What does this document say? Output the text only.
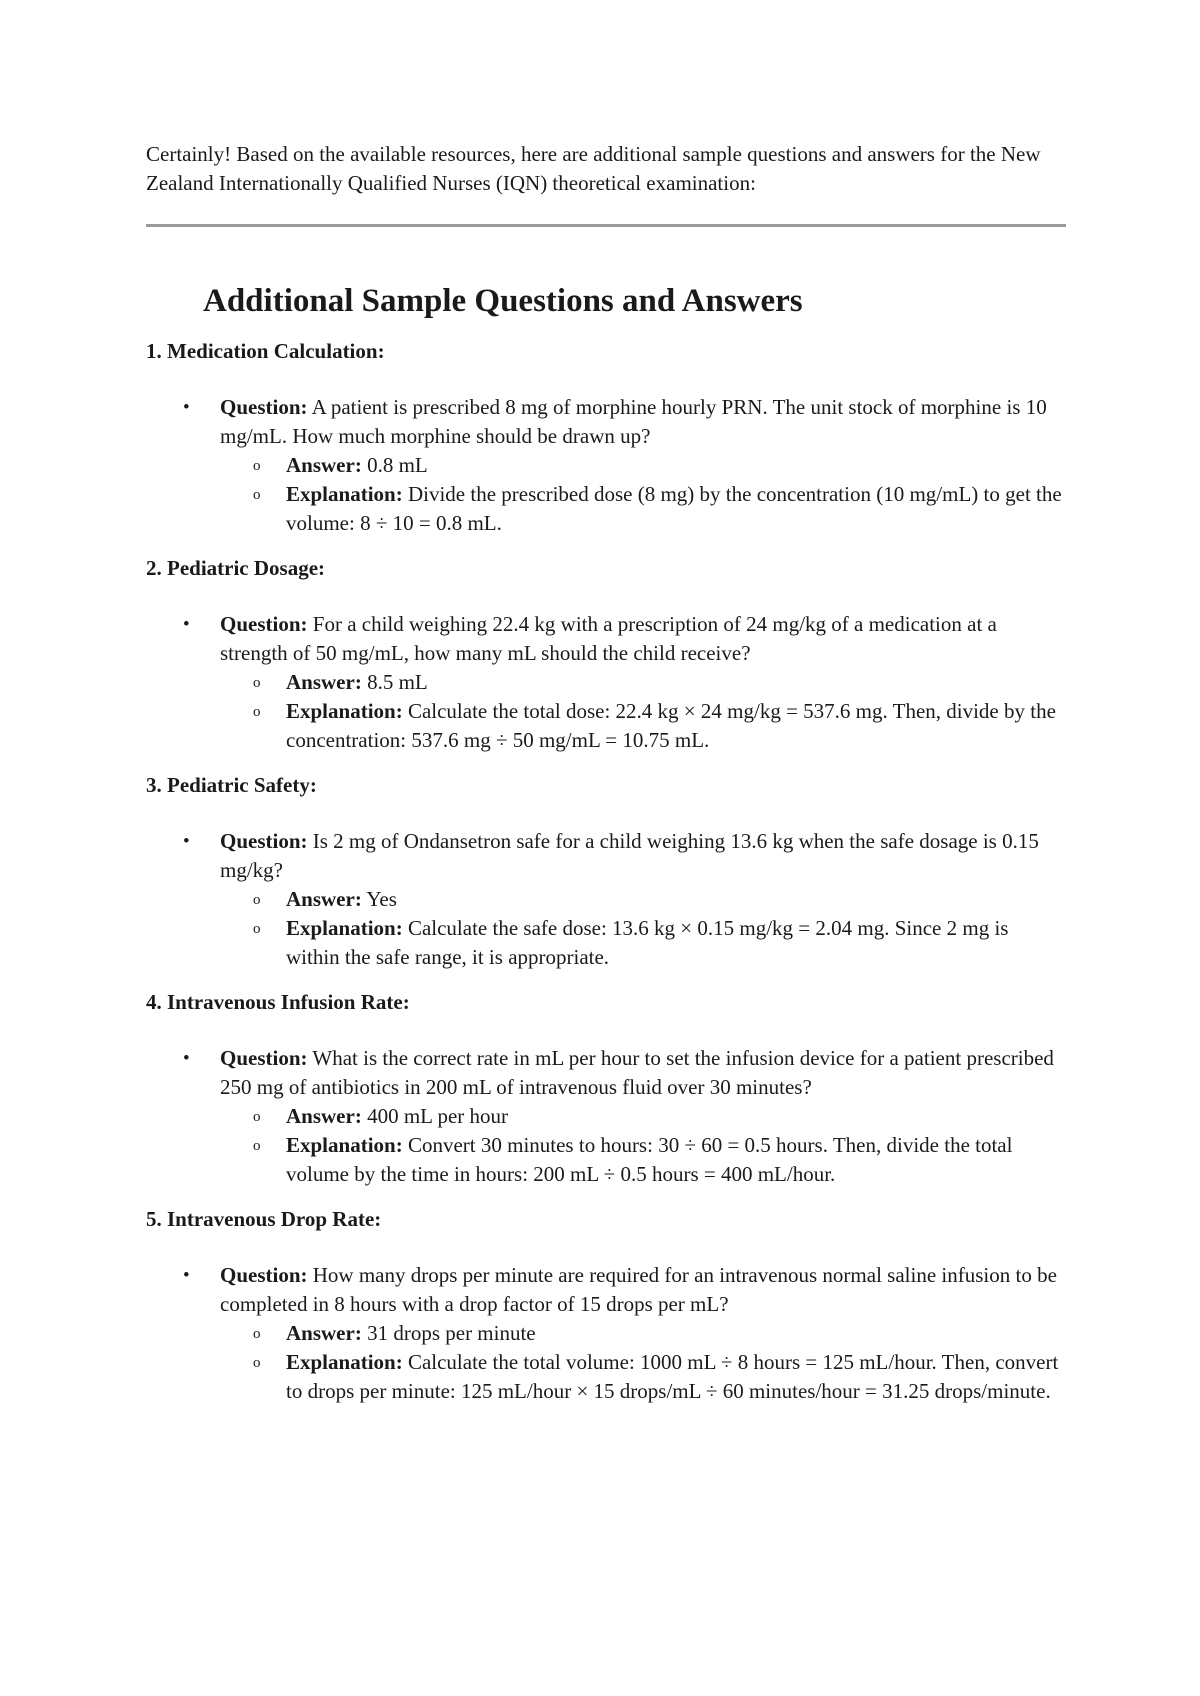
Certainly! Based on the available resources, here are additional sample questions and answers for the New Zealand Internationally Qualified Nurses (IQN) theoretical examination:

Additional Sample Questions and Answers

1. Medication Calculation:

• Question: A patient is prescribed 8 mg of morphine hourly PRN. The unit stock of morphine is 10 mg/mL. How much morphine should be drawn up?
o Answer: 0.8 mL
o Explanation: Divide the prescribed dose (8 mg) by the concentration (10 mg/mL) to get the volume: 8 ÷ 10 = 0.8 mL.

2. Pediatric Dosage:

• Question: For a child weighing 22.4 kg with a prescription of 24 mg/kg of a medication at a strength of 50 mg/mL, how many mL should the child receive?
o Answer: 8.5 mL
o Explanation: Calculate the total dose: 22.4 kg × 24 mg/kg = 537.6 mg. Then, divide by the concentration: 537.6 mg ÷ 50 mg/mL = 10.75 mL.

3. Pediatric Safety:

• Question: Is 2 mg of Ondansetron safe for a child weighing 13.6 kg when the safe dosage is 0.15 mg/kg?
o Answer: Yes
o Explanation: Calculate the safe dose: 13.6 kg × 0.15 mg/kg = 2.04 mg. Since 2 mg is within the safe range, it is appropriate.

4. Intravenous Infusion Rate:

• Question: What is the correct rate in mL per hour to set the infusion device for a patient prescribed 250 mg of antibiotics in 200 mL of intravenous fluid over 30 minutes?
o Answer: 400 mL per hour
o Explanation: Convert 30 minutes to hours: 30 ÷ 60 = 0.5 hours. Then, divide the total volume by the time in hours: 200 mL ÷ 0.5 hours = 400 mL/hour.

5. Intravenous Drop Rate:

• Question: How many drops per minute are required for an intravenous normal saline infusion to be completed in 8 hours with a drop factor of 15 drops per mL?
o Answer: 31 drops per minute
o Explanation: Calculate the total volume: 1000 mL ÷ 8 hours = 125 mL/hour. Then, convert to drops per minute: 125 mL/hour × 15 drops/mL ÷ 60 minutes/hour = 31.25 drops/minute.
